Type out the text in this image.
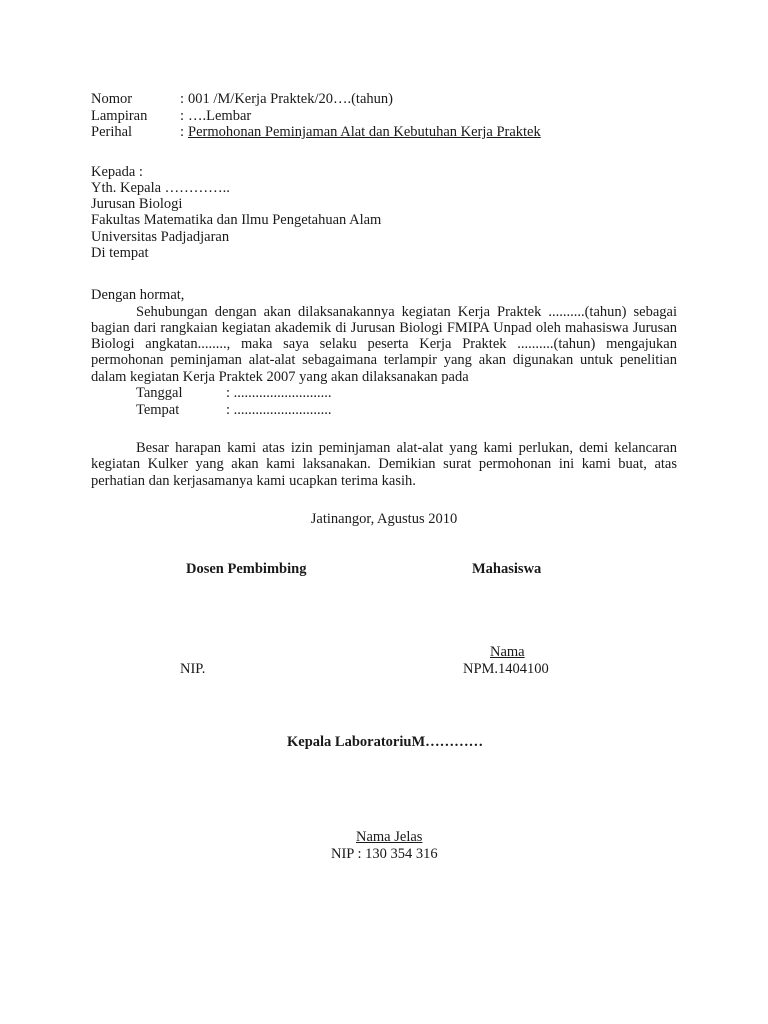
Nomor	: 001 /M/Kerja Praktek/20….(tahun)
Lampiran	: ….Lembar
Perihal	: Permohonan Peminjaman Alat dan Kebutuhan Kerja Praktek
Kepada :
Yth. Kepala …………..
Jurusan Biologi
Fakultas Matematika dan Ilmu Pengetahuan Alam
Universitas Padjadjaran
Di tempat
Dengan hormat,

Sehubungan dengan akan dilaksanakannya kegiatan Kerja Praktek ..........(tahun) sebagai bagian dari rangkaian kegiatan akademik di Jurusan Biologi FMIPA Unpad oleh mahasiswa Jurusan Biologi angkatan........, maka saya selaku peserta Kerja Praktek ..........(tahun) mengajukan permohonan peminjaman alat-alat sebagaimana terlampir yang akan digunakan untuk penelitian dalam kegiatan Kerja Praktek 2007 yang akan dilaksanakan pada

Tanggal	: ...........................
Tempat	: ...........................

Besar harapan kami atas izin peminjaman alat-alat yang kami perlukan, demi kelancaran kegiatan Kulker yang akan kami laksanakan. Demikian surat permohonan ini kami buat, atas perhatian dan kerjasamanya kami ucapkan terima kasih.

Jatinangor, Agustus 2010
Dosen Pembimbing	Mahasiswa
Nama
NIP.	NPM.1404100
Kepala LaboratoriuM…………
Nama Jelas
NIP : 130 354 316
